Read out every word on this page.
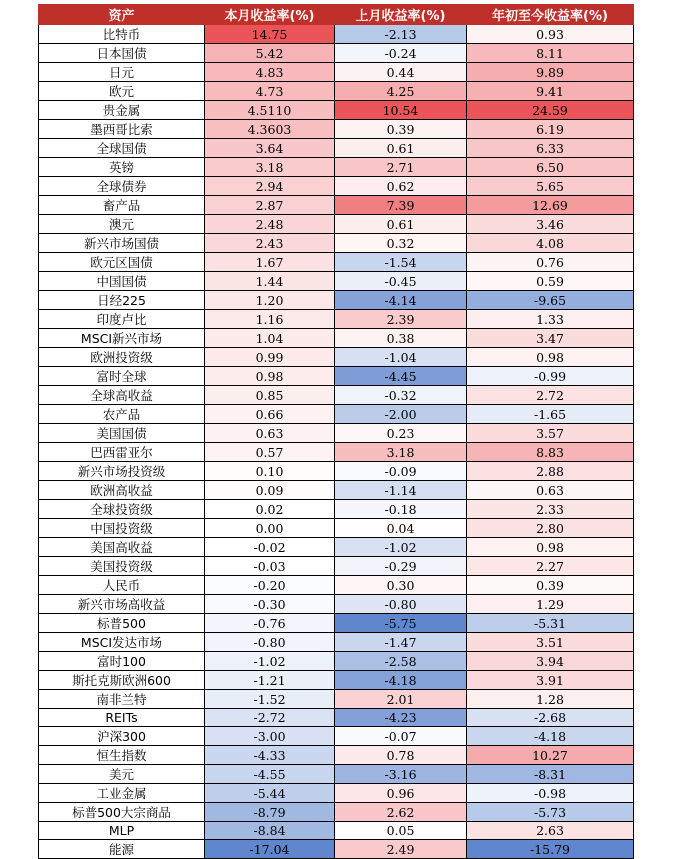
资产	本月收益率(%)	上月收益率(%)	年初至今收益率(%)
比特币	14.75	-2.13	0.93
日本国债	5.42	-0.24	8.11
日元	4.83	0.44	9.89
欧元	4.73	4.25	9.41
贵金属	4.5110	10.54	24.59
墨西哥比索	4.3603	0.39	6.19
全球国债	3.64	0.61	6.33
英镑	3.18	2.71	6.50
全球债券	2.94	0.62	5.65
畜产品	2.87	7.39	12.69
澳元	2.48	0.61	3.46
新兴市场国债	2.43	0.32	4.08
欧元区国债	1.67	-1.54	0.76
中国国债	1.44	-0.45	0.59
日经225	1.20	-4.14	-9.65
印度卢比	1.16	2.39	1.33
MSCI新兴市场	1.04	0.38	3.47
欧洲投资级	0.99	-1.04	0.98
富时全球	0.98	-4.45	-0.99
全球高收益	0.85	-0.32	2.72
农产品	0.66	-2.00	-1.65
美国国债	0.63	0.23	3.57
巴西雷亚尔	0.57	3.18	8.83
新兴市场投资级	0.10	-0.09	2.88
欧洲高收益	0.09	-1.14	0.63
全球投资级	0.02	-0.18	2.33
中国投资级	0.00	0.04	2.80
美国高收益	-0.02	-1.02	0.98
美国投资级	-0.03	-0.29	2.27
人民币	-0.20	0.30	0.39
新兴市场高收益	-0.30	-0.80	1.29
标普500	-0.76	-5.75	-5.31
MSCI发达市场	-0.80	-1.47	3.51
富时100	-1.02	-2.58	3.94
斯托克斯欧洲600	-1.21	-4.18	3.91
南非兰特	-1.52	2.01	1.28
REITs	-2.72	-4.23	-2.68
沪深300	-3.00	-0.07	-4.18
恒生指数	-4.33	0.78	10.27
美元	-4.55	-3.16	-8.31
工业金属	-5.44	0.96	-0.98
标普500大宗商品	-8.79	2.62	-5.73
MLP	-8.84	0.05	2.63
能源	-17.04	2.49	-15.79
